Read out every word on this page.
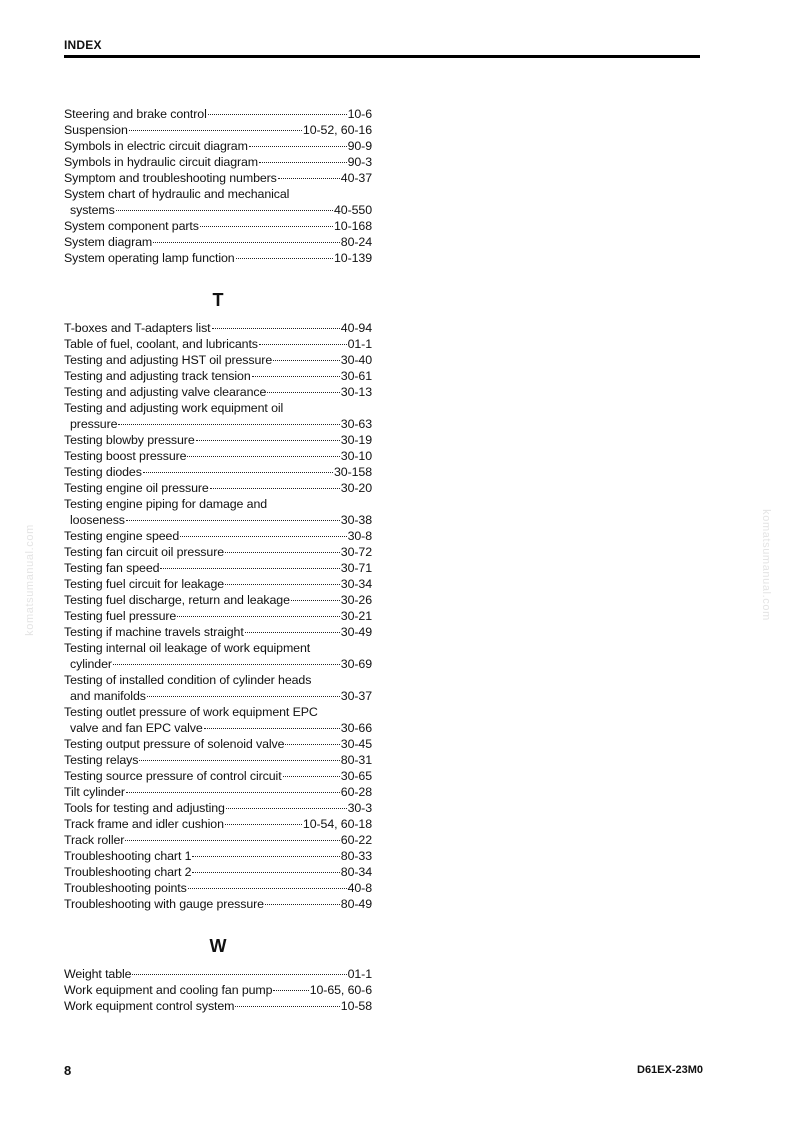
INDEX
Steering and brake control	10-6
Suspension	10-52, 60-16
Symbols in electric circuit diagram	90-9
Symbols in hydraulic circuit diagram	90-3
Symptom and troubleshooting numbers	40-37
System chart of hydraulic and mechanical
systems	40-550
System component parts	10-168
System diagram	80-24
System operating lamp function	10-139
T
T-boxes and T-adapters list	40-94
Table of fuel, coolant, and lubricants	01-1
Testing and adjusting HST oil pressure	30-40
Testing and adjusting track tension	30-61
Testing and adjusting valve clearance	30-13
Testing and adjusting work equipment oil
pressure	30-63
Testing blowby pressure	30-19
Testing boost pressure	30-10
Testing diodes	30-158
Testing engine oil pressure	30-20
Testing engine piping for damage and
looseness	30-38
Testing engine speed	30-8
Testing fan circuit oil pressure	30-72
Testing fan speed	30-71
Testing fuel circuit for leakage	30-34
Testing fuel discharge, return and leakage	30-26
Testing fuel pressure	30-21
Testing if machine travels straight	30-49
Testing internal oil leakage of work equipment
cylinder	30-69
Testing of installed condition of cylinder heads
and manifolds	30-37
Testing outlet pressure of work equipment EPC
valve and fan EPC valve	30-66
Testing output pressure of solenoid valve	30-45
Testing relays	80-31
Testing source pressure of control circuit	30-65
Tilt cylinder	60-28
Tools for testing and adjusting	30-3
Track frame and idler cushion	10-54, 60-18
Track roller	60-22
Troubleshooting chart 1	80-33
Troubleshooting chart 2	80-34
Troubleshooting points	40-8
Troubleshooting with gauge pressure	80-49
W
Weight table	01-1
Work equipment and cooling fan pump	10-65, 60-6
Work equipment control system	10-58
komatsumanual.com	komatsumanual.com
8	D61EX-23M0
